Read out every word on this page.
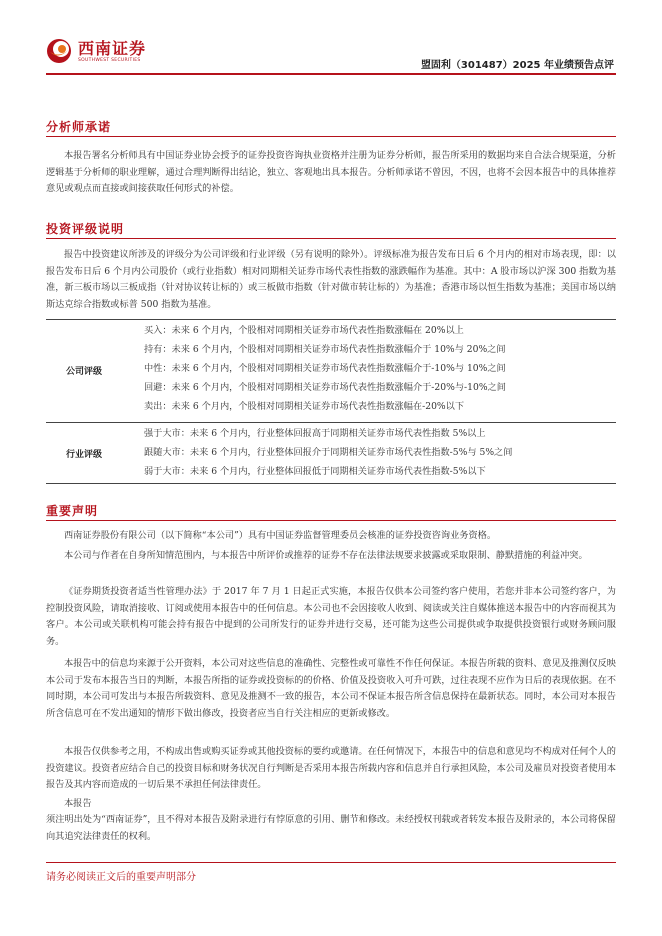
西南证券
SOUTHWEST SECURITIES	盟固利（301487）2025 年业绩预告点评
分析师承诺
本报告署名分析师具有中国证券业协会授予的证券投资咨询执业资格并注册为证券分析师，报告所采用的数据均来自合法合规渠道，分析逻辑基于分析师的职业理解，通过合理判断得出结论，独立、客观地出具本报告。分析师承诺不曾因，不因，也将不会因本报告中的具体推荐意见或观点而直接或间接获取任何形式的补偿。
投资评级说明
报告中投资建议所涉及的评级分为公司评级和行业评级（另有说明的除外）。评级标准为报告发布日后 6 个月内的相对市场表现，即：以报告发布日后 6 个月内公司股价（或行业指数）相对同期相关证券市场代表性指数的涨跌幅作为基准。其中：A 股市场以沪深 300 指数为基准，新三板市场以三板成指（针对协议转让标的）或三板做市指数（针对做市转让标的）为基准；香港市场以恒生指数为基准；美国市场以纳斯达克综合指数或标普 500 指数为基准。
公司评级
买入：未来 6 个月内，个股相对同期相关证券市场代表性指数涨幅在 20%以上
持有：未来 6 个月内，个股相对同期相关证券市场代表性指数涨幅介于 10%与 20%之间
中性：未来 6 个月内，个股相对同期相关证券市场代表性指数涨幅介于-10%与 10%之间
回避：未来 6 个月内，个股相对同期相关证券市场代表性指数涨幅介于-20%与-10%之间
卖出：未来 6 个月内，个股相对同期相关证券市场代表性指数涨幅在-20%以下
行业评级
强于大市：未来 6 个月内，行业整体回报高于同期相关证券市场代表性指数 5%以上
跟随大市：未来 6 个月内，行业整体回报介于同期相关证券市场代表性指数-5%与 5%之间
弱于大市：未来 6 个月内，行业整体回报低于同期相关证券市场代表性指数-5%以下
重要声明
西南证券股份有限公司（以下简称“本公司”）具有中国证券监督管理委员会核准的证券投资咨询业务资格。
本公司与作者在自身所知情范围内，与本报告中所评价或推荐的证券不存在法律法规要求披露或采取限制、静默措施的利益冲突。
《证券期货投资者适当性管理办法》于 2017 年 7 月 1 日起正式实施，本报告仅供本公司签约客户使用，若您并非本公司签约客户，为控制投资风险，请取消接收、订阅或使用本报告中的任何信息。本公司也不会因接收人收到、阅读或关注自媒体推送本报告中的内容而视其为客户。本公司或关联机构可能会持有报告中提到的公司所发行的证券并进行交易，还可能为这些公司提供或争取提供投资银行或财务顾问服务。
本报告中的信息均来源于公开资料，本公司对这些信息的准确性、完整性或可靠性不作任何保证。本报告所载的资料、意见及推测仅反映本公司于发布本报告当日的判断，本报告所指的证券或投资标的的价格、价值及投资收入可升可跌，过往表现不应作为日后的表现依据。在不同时期，本公司可发出与本报告所载资料、意见及推测不一致的报告，本公司不保证本报告所含信息保持在最新状态。同时，本公司对本报告所含信息可在不发出通知的情形下做出修改，投资者应当自行关注相应的更新或修改。
本报告仅供参考之用，不构成出售或购买证券或其他投资标的要约或邀请。在任何情况下，本报告中的信息和意见均不构成对任何个人的投资建议。投资者应结合自己的投资目标和财务状况自行判断是否采用本报告所载内容和信息并自行承担风险，本公司及雇员对投资者使用本报告及其内容而造成的一切后果不承担任何法律责任。
本报告
须注明出处为“西南证券”，且不得对本报告及附录进行有悖原意的引用、删节和修改。未经授权刊载或者转发本报告及附录的，本公司将保留向其追究法律责任的权利。
请务必阅读正文后的重要声明部分
